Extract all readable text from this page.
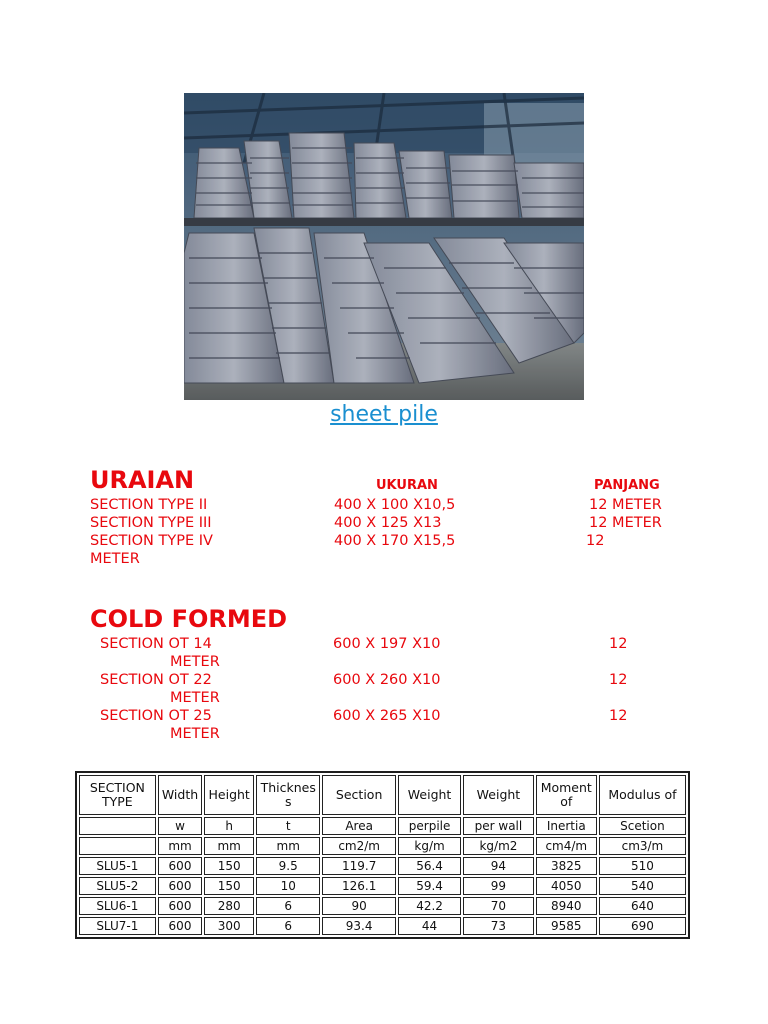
sheet pile
URAIAN	UKURAN	PANJANG
SECTION TYPE II	400 X 100 X10,5	12 METER
SECTION TYPE III	400 X 125 X13	12 METER
SECTION TYPE IV	400 X 170 X15,5	12
METER
COLD FORMED
SECTION OT 14	600 X 197 X10	12
METER
SECTION OT 22	600 X 260 X10	12
METER
SECTION OT 25	600 X 265 X10	12
METER
SECTION TYPE	Width	Height	Thicknes s	Section	Weight	Weight	Moment of	Modulus of
	w	h	t	Area	perpile	per wall	Inertia	Scetion
	mm	mm	mm	cm2/m	kg/m	kg/m2	cm4/m	cm3/m
SLU5-1	600	150	9.5	119.7	56.4	94	3825	510
SLU5-2	600	150	10	126.1	59.4	99	4050	540
SLU6-1	600	280	6	90	42.2	70	8940	640
SLU7-1	600	300	6	93.4	44	73	9585	690
